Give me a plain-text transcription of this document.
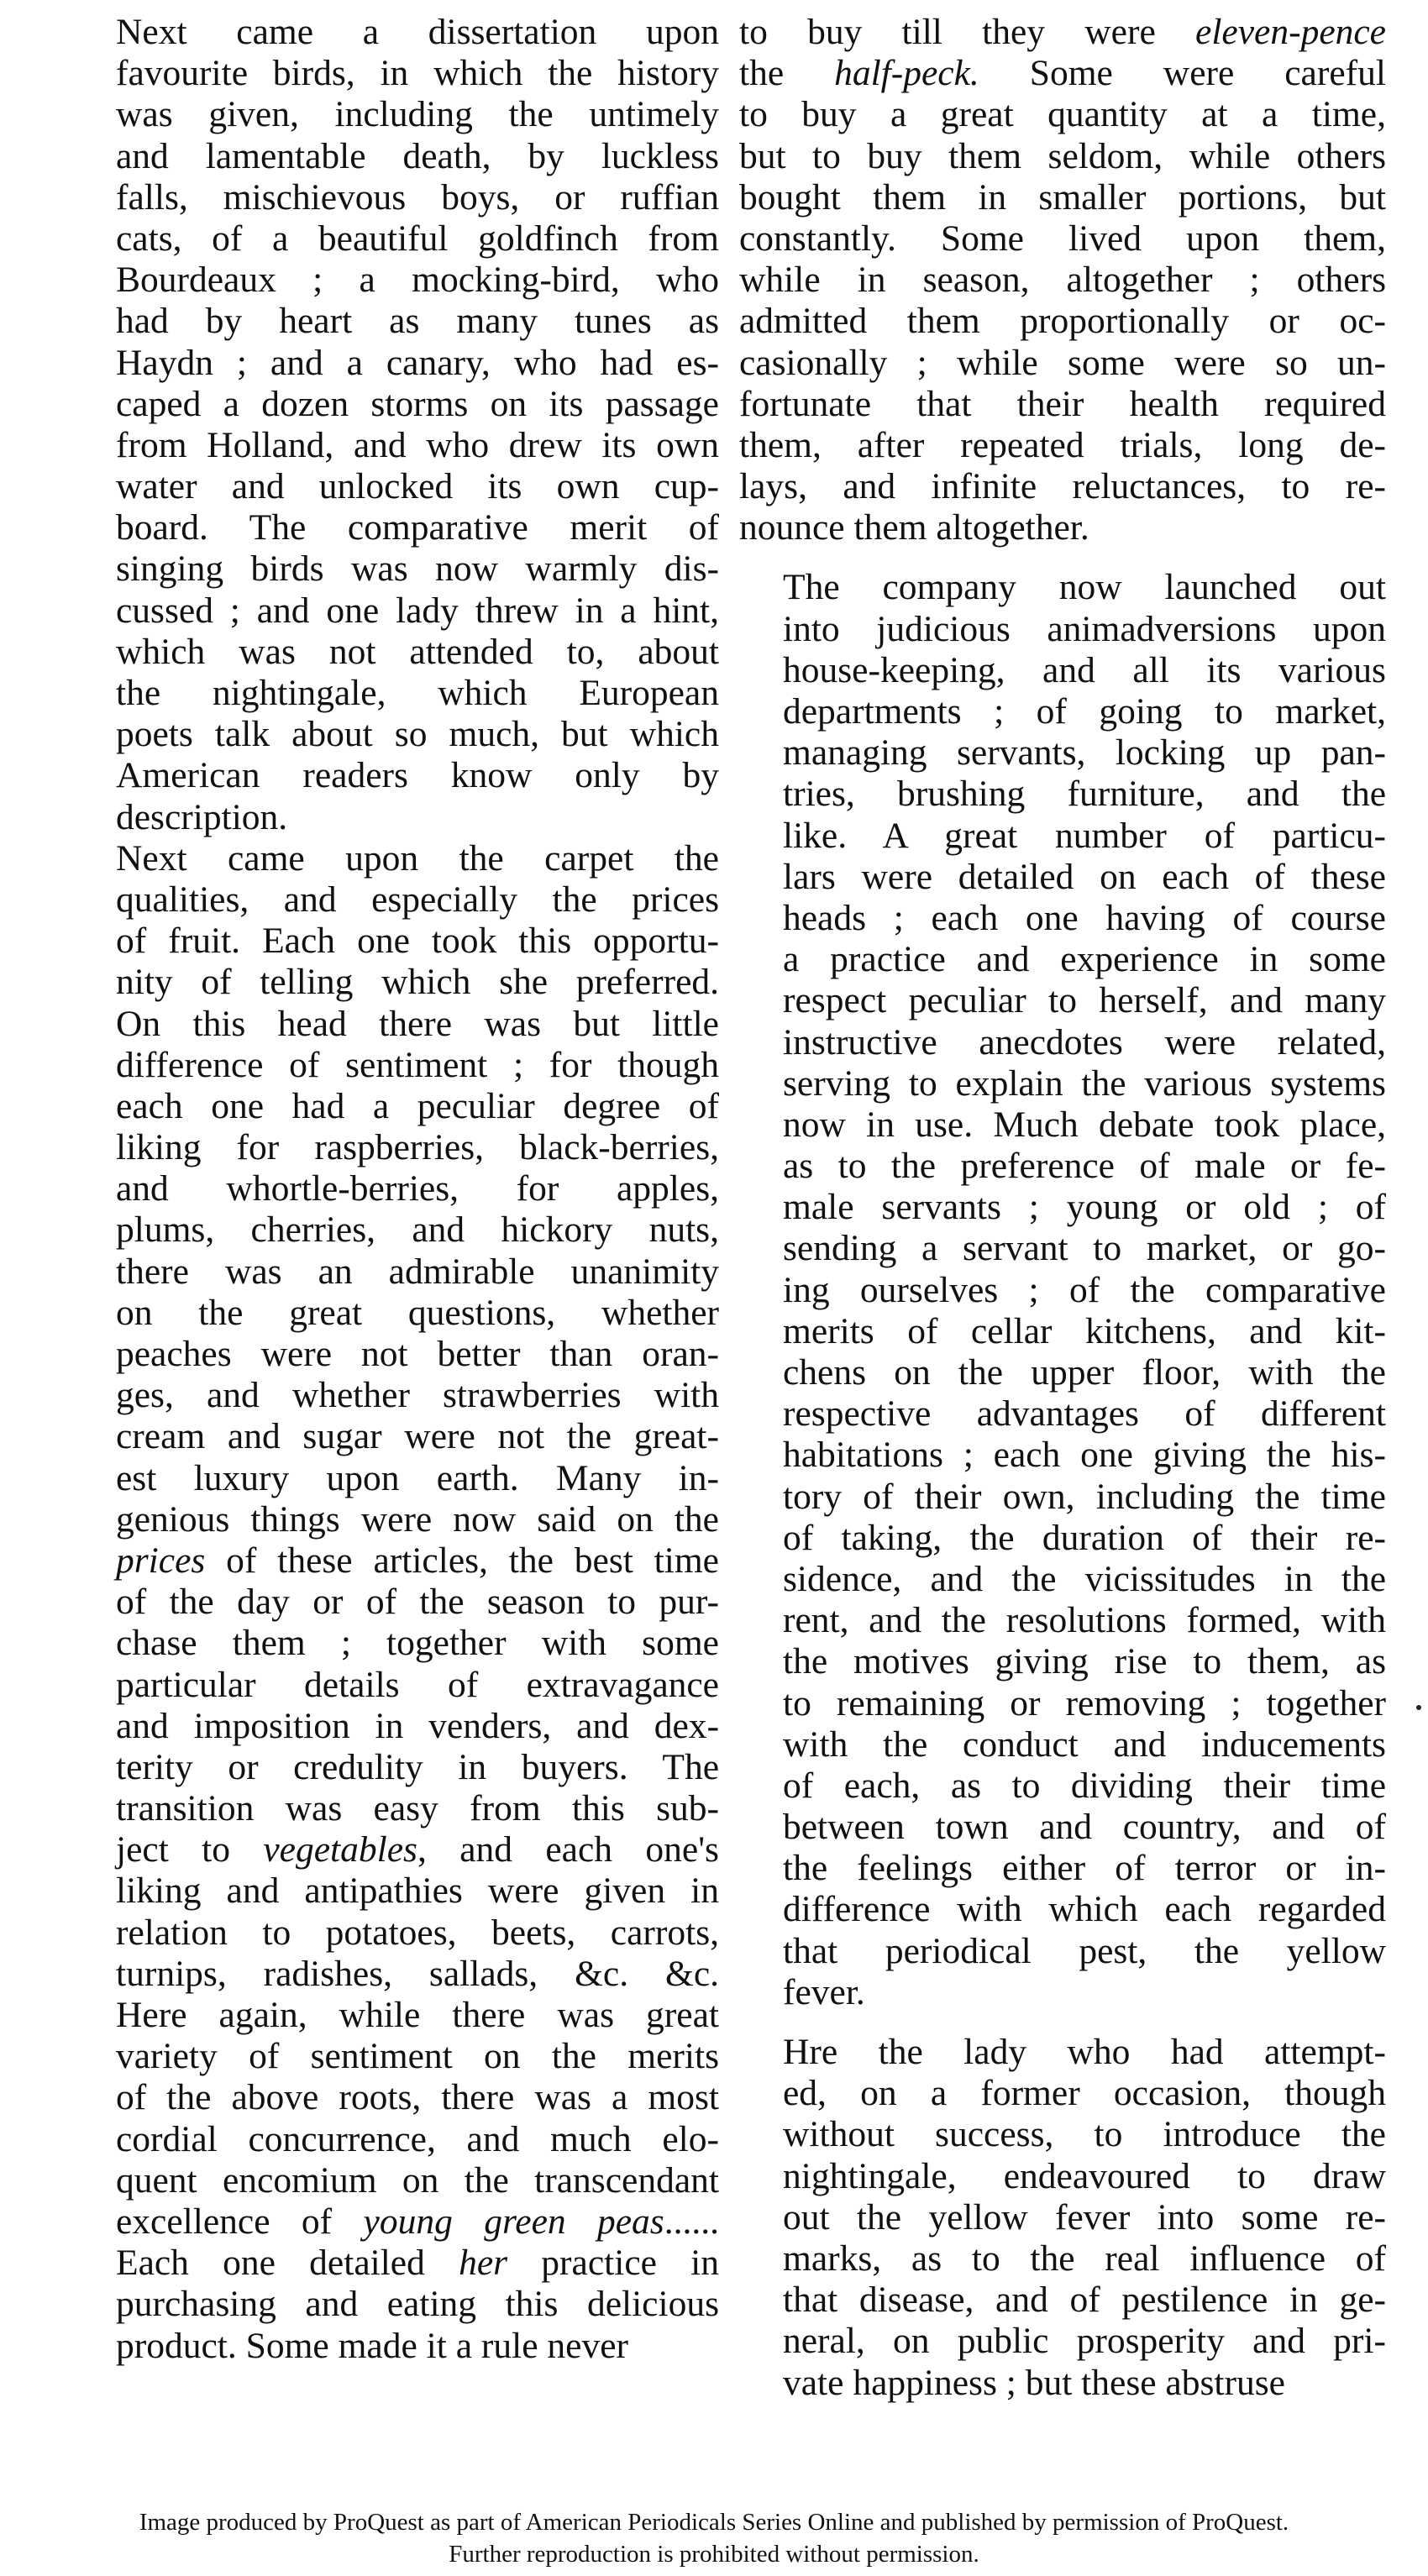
Next came a dissertation upon
favourite birds, in which the history
was given, including the untimely
and lamentable death, by luckless
falls, mischievous boys, or ruffian
cats, of a beautiful goldfinch from
Bourdeaux ; a mocking-bird, who
had by heart as many tunes as
Haydn ; and a canary, who had es-
caped a dozen storms on its passage
from Holland, and who drew its own
water and unlocked its own cup-
board. The comparative merit of
singing birds was now warmly dis-
cussed ; and one lady threw in a hint,
which was not attended to, about
the nightingale, which European
poets talk about so much, but which
American readers know only by
description.

Next came upon the carpet the
qualities, and especially the prices
of fruit. Each one took this opportu-
nity of telling which she preferred.
On this head there was but little
difference of sentiment ; for though
each one had a peculiar degree of
liking for raspberries, black-berries,
and whortle-berries, for apples,
plums, cherries, and hickory nuts,
there was an admirable unanimity
on the great questions, whether
peaches were not better than oran-
ges, and whether strawberries with
cream and sugar were not the great-
est luxury upon earth. Many in-
genious things were now said on the
prices of these articles, the best time
of the day or of the season to pur-
chase them ; together with some
particular details of extravagance
and imposition in venders, and dex-
terity or credulity in buyers. The
transition was easy from this sub-
ject to vegetables, and each one's
liking and antipathies were given in
relation to potatoes, beets, carrots,
turnips, radishes, sallads, &c. &c.
Here again, while there was great
variety of sentiment on the merits
of the above roots, there was a most
cordial concurrence, and much elo-
quent encomium on the transcendant
excellence of young green peas......
Each one detailed her practice in
purchasing and eating this delicious
product. Some made it a rule never

to buy till they were eleven-pence
the half-peck. Some were careful
to buy a great quantity at a time,
but to buy them seldom, while others
bought them in smaller portions, but
constantly. Some lived upon them,
while in season, altogether ; others
admitted them proportionally or oc-
casionally ; while some were so un-
fortunate that their health required
them, after repeated trials, long de-
lays, and infinite reluctances, to re-
nounce them altogether.

The company now launched out
into judicious animadversions upon
house-keeping, and all its various
departments ; of going to market,
managing servants, locking up pan-
tries, brushing furniture, and the
like. A great number of particu-
lars were detailed on each of these
heads ; each one having of course
a practice and experience in some
respect peculiar to herself, and many
instructive anecdotes were related,
serving to explain the various systems
now in use. Much debate took place,
as to the preference of male or fe-
male servants ; young or old ; of
sending a servant to market, or go-
ing ourselves ; of the comparative
merits of cellar kitchens, and kit-
chens on the upper floor, with the
respective advantages of different
habitations ; each one giving the his-
tory of their own, including the time
of taking, the duration of their re-
sidence, and the vicissitudes in the
rent, and the resolutions formed, with
the motives giving rise to them, as
to remaining or removing ; together
with the conduct and inducements
of each, as to dividing their time
between town and country, and of
the feelings either of terror or in-
difference with which each regarded
that periodical pest, the yellow
fever.

Hre the lady who had attempt-
ed, on a former occasion, though
without success, to introduce the
nightingale, endeavoured to draw
out the yellow fever into some re-
marks, as to the real influence of
that disease, and of pestilence in ge-
neral, on public prosperity and pri-
vate happiness ; but these abstruse

Image produced by ProQuest as part of American Periodicals Series Online and published by permission of ProQuest.
Further reproduction is prohibited without permission.
